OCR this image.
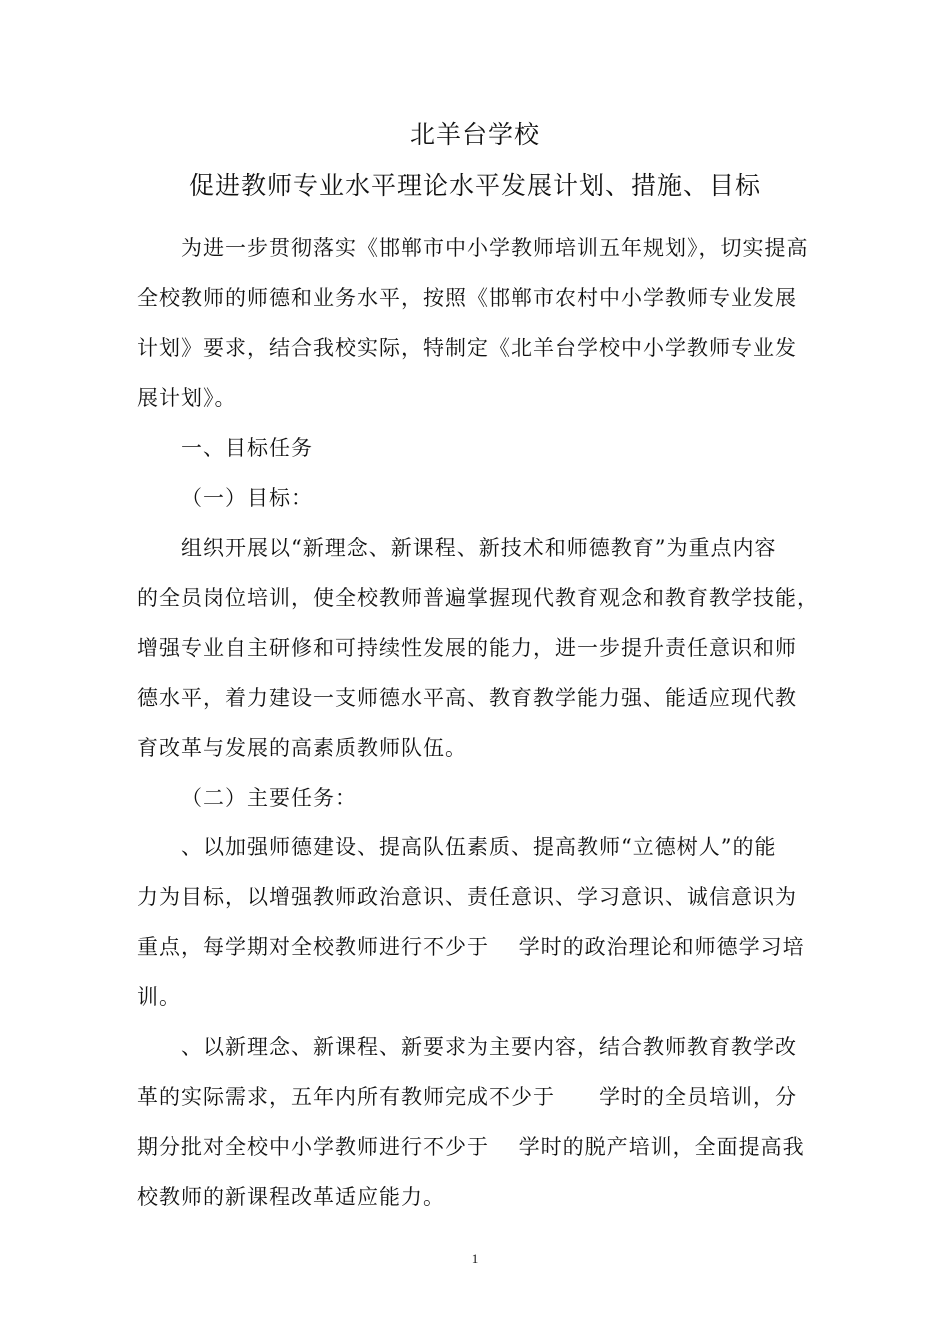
北羊台学校
促进教师专业水平理论水平发展计划、措施、目标

为进一步贯彻落实《邯郸市中小学教师培训五年规划》，切实提高

全校教师的师德和业务水平，按照《邯郸市农村中小学教师专业发展

计划》要求，结合我校实际，特制定《北羊台学校中小学教师专业发

展计划》。

一、目标任务

（一）目标：

组织开展以“新理念、新课程、新技术和师德教育”为重点内容

的全员岗位培训，使全校教师普遍掌握现代教育观念和教育教学技能，

增强专业自主研修和可持续性发展的能力，进一步提升责任意识和师

德水平，着力建设一支师德水平高、教育教学能力强、能适应现代教

育改革与发展的高素质教师队伍。

（二）主要任务：

、以加强师德建设、提高队伍素质、提高教师“立德树人”的能

力为目标，以增强教师政治意识、责任意识、学习意识、诚信意识为

重点，每学期对全校教师进行不少于　 学时的政治理论和师德学习培

训。

、以新理念、新课程、新要求为主要内容，结合教师教育教学改

革的实际需求，五年内所有教师完成不少于　　学时的全员培训，分

期分批对全校中小学教师进行不少于　 学时的脱产培训，全面提高我

校教师的新课程改革适应能力。

1
